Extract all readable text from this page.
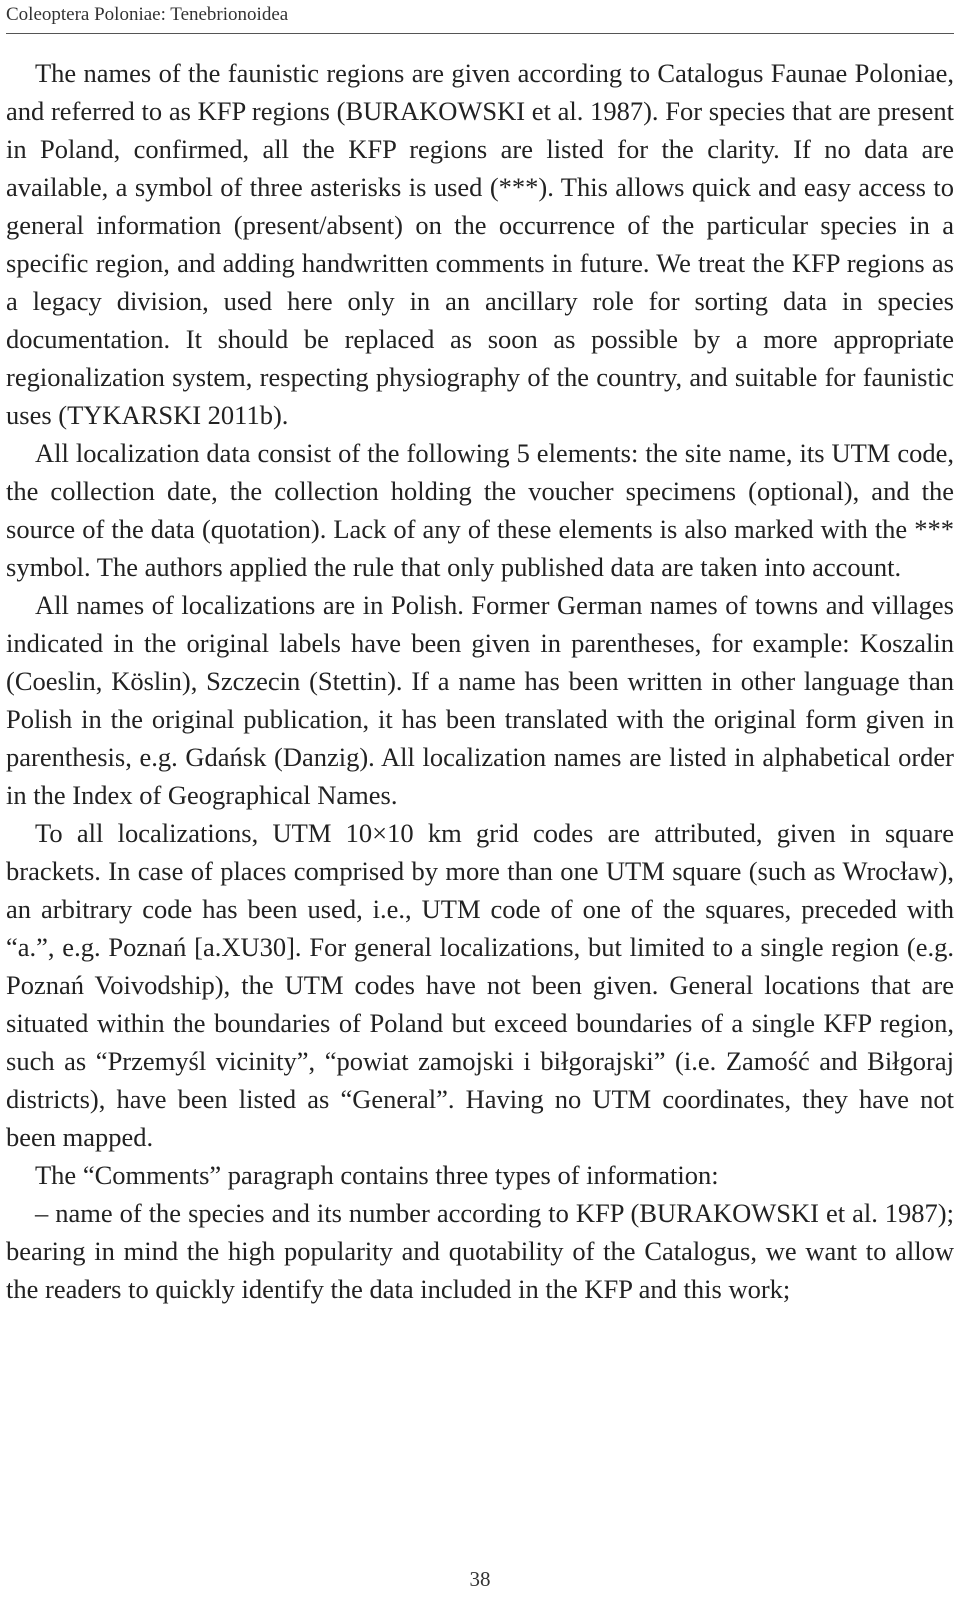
Coleoptera Poloniae: Tenebrionoidea

The names of the faunistic regions are given according to Catalogus Faunae Poloniae, and referred to as KFP regions (BURAKOWSKI et al. 1987). For species that are present in Poland, confirmed, all the KFP regions are listed for the clarity. If no data are available, a symbol of three asterisks is used (***). This allows quick and easy access to general information (present/absent) on the occurrence of the particular species in a specific region, and adding handwritten comments in future. We treat the KFP regions as a legacy division, used here only in an ancillary role for sorting data in species documentation. It should be replaced as soon as possible by a more appropriate regionalization system, respecting physiography of the country, and suitable for faunistic uses (TYKARSKI 2011b).

All localization data consist of the following 5 elements: the site name, its UTM code, the collection date, the collection holding the voucher specimens (optional), and the source of the data (quotation). Lack of any of these elements is also marked with the *** symbol. The authors applied the rule that only published data are taken into account.

All names of localizations are in Polish. Former German names of towns and villages indicated in the original labels have been given in parentheses, for example: Koszalin (Coeslin, Köslin), Szczecin (Stettin). If a name has been written in other language than Polish in the original publication, it has been translated with the original form given in parenthesis, e.g. Gdańsk (Danzig). All localization names are listed in alphabetical order in the Index of Geographical Names.

To all localizations, UTM 10×10 km grid codes are attributed, given in square brackets. In case of places comprised by more than one UTM square (such as Wrocław), an arbitrary code has been used, i.e., UTM code of one of the squares, preceded with “a.”, e.g. Poznań [a.XU30]. For general localizations, but limited to a single region (e.g. Poznań Voivodship), the UTM codes have not been given. General locations that are situated within the boundaries of Poland but exceed boundaries of a single KFP region, such as “Przemyśl vicinity”, “powiat zamojski i biłgorajski” (i.e. Zamość and Biłgoraj districts), have been listed as “General”. Having no UTM coordinates, they have not been mapped.

The “Comments” paragraph contains three types of information:

– name of the species and its number according to KFP (BURAKOWSKI et al. 1987); bearing in mind the high popularity and quotability of the Catalogus, we want to allow the readers to quickly identify the data included in the KFP and this work;

38
